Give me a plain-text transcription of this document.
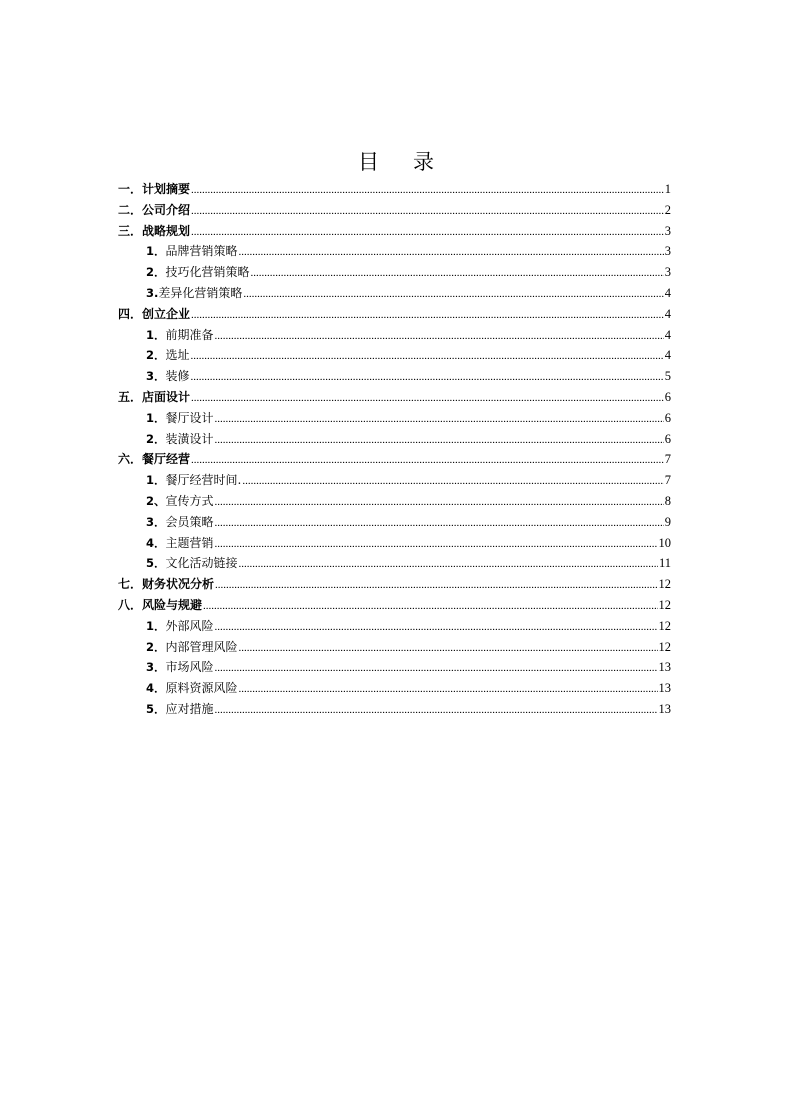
目 录
一． 计划摘要 .....	1
二． 公司介绍 .....	2
三． 战略规划 .....	3
1． 品牌营销策略 .....	3
2． 技巧化营销策略 .....	3
3. 差异化营销策略 .....	4
四． 创立企业 .....	4
1． 前期准备 .....	4
2． 选址 .....	4
3． 装修 .....	5
五． 店面设计 .....	6
1． 餐厅设计 .....	6
2． 装潢设计 .....	6
六． 餐厅经营 .....	7
1． 餐厅经营时间. .....	7
2、 宣传方式 .....	8
3． 会员策略 .....	9
4． 主题营销 .....	10
5． 文化活动链接 .....	11
七． 财务状况分析 .....	12
八． 风险与规避 .....	12
1． 外部风险 .....	12
2． 内部管理风险 .....	12
3． 市场风险 .....	13
4． 原料资源风险 .....	13
5． 应对措施 .....	13
